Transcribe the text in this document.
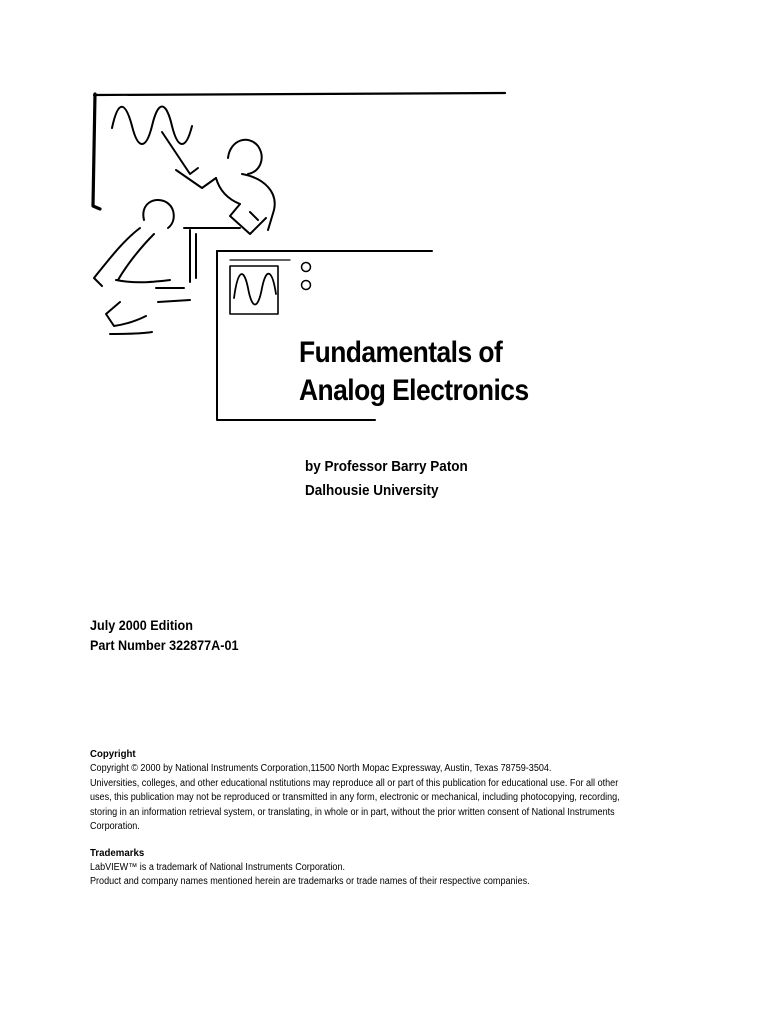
Fundamentals of
Analog Electronics
by Professor Barry Paton
Dalhousie University
July 2000 Edition
Part Number 322877A-01
Copyright
Copyright © 2000 by National Instruments Corporation,11500 North Mopac Expressway, Austin, Texas 78759-3504.
Universities, colleges, and other educational nstitutions may reproduce all or part of this publication for educational use. For all other
uses, this publication may not be reproduced or transmitted in any form, electronic or mechanical, including photocopying, recording,
storing in an information retrieval system, or translating, in whole or in part, without the prior written consent of National Instruments
Corporation.
Trademarks
LabVIEW™ is a trademark of National Instruments Corporation.
Product and company names mentioned herein are trademarks or trade names of their respective companies.
